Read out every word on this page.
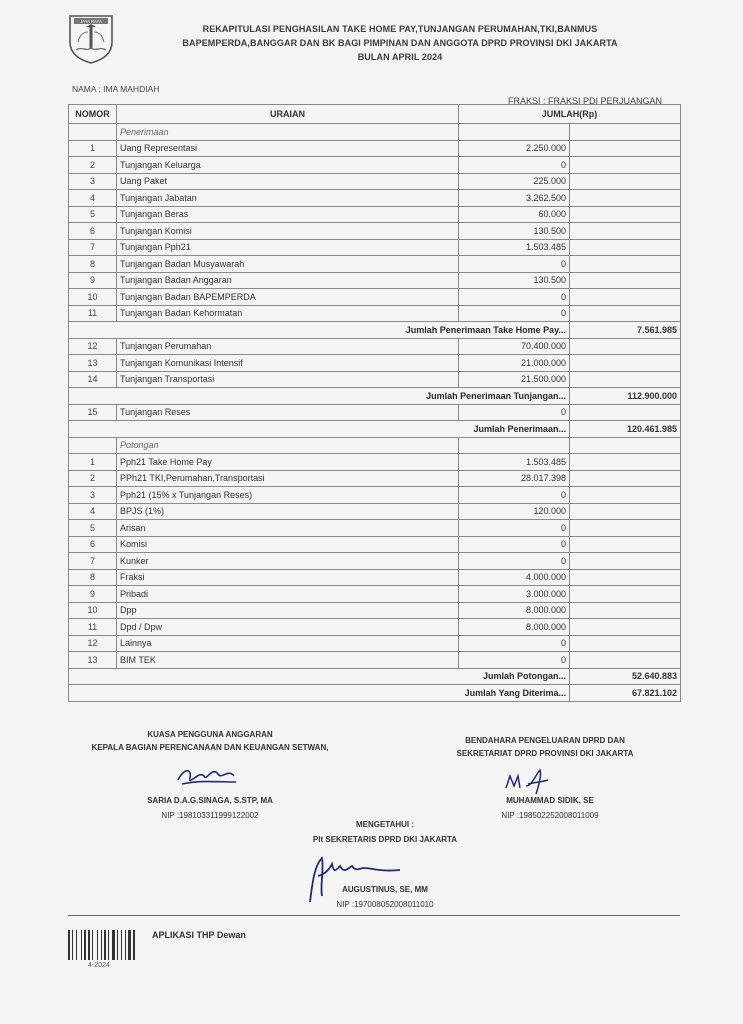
JAYA RAYA
REKAPITULASI PENGHASILAN TAKE HOME PAY,TUNJANGAN PERUMAHAN,TKI,BANMUS
BAPEMPERDA,BANGGAR DAN BK BAGI PIMPINAN DAN ANGGOTA DPRD PROVINSI DKI JAKARTA
BULAN APRIL 2024
NAMA : IMA MAHDIAH
FRAKSI : FRAKSI PDI PERJUANGAN
NOMOR	URAIAN	JUMLAH(Rp)	
	Penerimaan		
1	Uang Representasi	2.250.000	
2	Tunjangan Keluarga	0	
3	Uang Paket	225.000	
4	Tunjangan Jabatan	3.262.500	
5	Tunjangan Beras	60.000	
6	Tunjangan Komisi	130.500	
7	Tunjangan Pph21	1.503.485	
8	Tunjangan Badan Musyawarah	0	
9	Tunjangan Badan Anggaran	130.500	
10	Tunjangan Badan BAPEMPERDA	0	
11	Tunjangan Badan Kehormatan	0	
Jumlah Penerimaan Take Home Pay...			7.561.985
12	Tunjangan Perumahan	70.400.000	
13	Tunjangan Komunikasi Intensif	21.000.000	
14	Tunjangan Transportasi	21.500.000	
Jumlah Penerimaan Tunjangan...			112.900.000
15	Tunjangan Reses	0	
Jumlah Penerimaan...			120.461.985
	Potongan		
1	Pph21 Take Home Pay	1.503.485	
2	PPh21 TKI,Perumahan,Transportasi	28.017.398	
3	Pph21 (15% x Tunjangan Reses)	0	
4	BPJS (1%)	120.000	
5	Arisan	0	
6	Komisi	0	
7	Kunker	0	
8	Fraksi	4.000.000	
9	Pribadi	3.000.000	
10	Dpp	8.000.000	
11	Dpd / Dpw	8.000.000	
12	Lainnya	0	
13	BIM TEK	0	
Jumlah Potongan...			52.640.883
Jumlah Yang Diterima...			67.821.102
KUASA PENGGUNA ANGGARAN
KEPALA BAGIAN PERENCANAAN DAN KEUANGAN SETWAN,
SARIA D.A.G.SINAGA, S.STP, MA
NIP :198103311999122002
BENDAHARA PENGELUARAN DPRD DAN
SEKRETARIAT DPRD PROVINSI DKI JAKARTA
MUHAMMAD SIDIK, SE
NIP :198502252008011009
MENGETAHUI :
Plt SEKRETARIS DPRD DKI JAKARTA
AUGUSTINUS, SE, MM
NIP :197008052008011010
APLIKASI THP Dewan
4-2024
